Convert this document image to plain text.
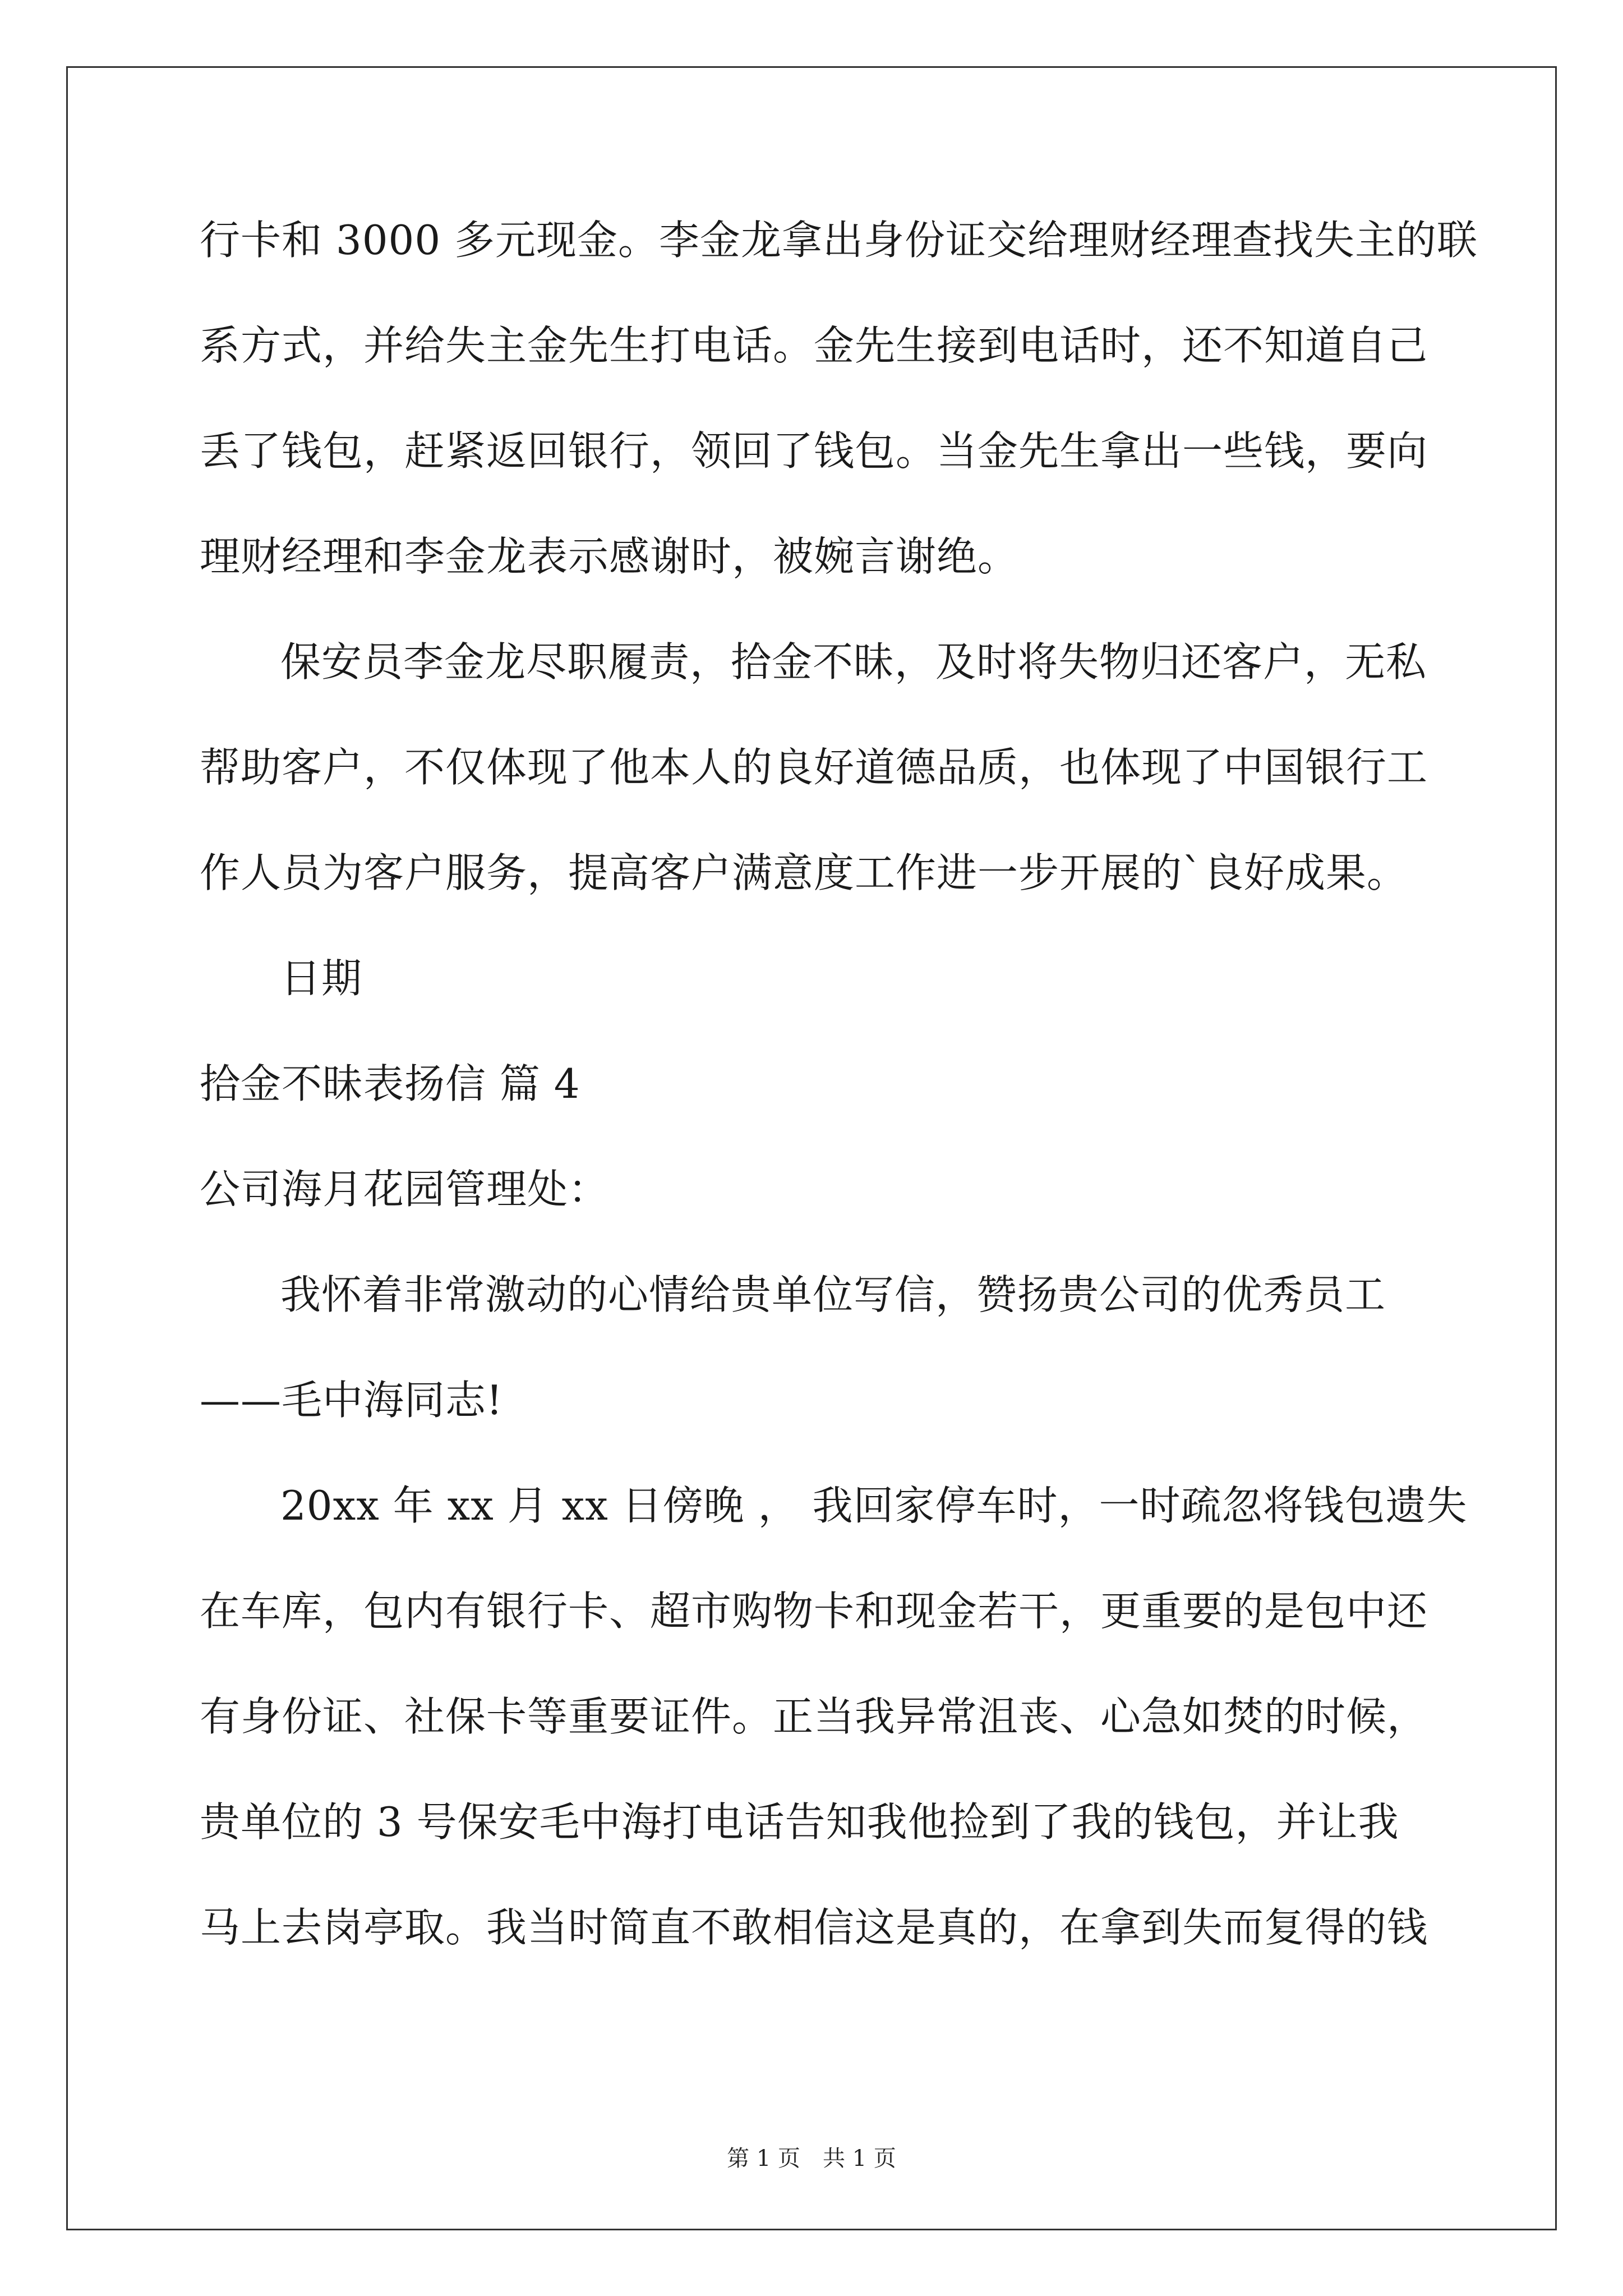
行卡和 3000 多元现金。李金龙拿出身份证交给理财经理查找失主的联
系方式，并给失主金先生打电话。金先生接到电话时，还不知道自己
丢了钱包，赶紧返回银行，领回了钱包。当金先生拿出一些钱，要向
理财经理和李金龙表示感谢时，被婉言谢绝。
保安员李金龙尽职履责，拾金不昧，及时将失物归还客户，无私
帮助客户，不仅体现了他本人的良好道德品质，也体现了中国银行工
作人员为客户服务，提高客户满意度工作进一步开展的`良好成果。
日期
拾金不昧表扬信 篇 4
公司海月花园管理处：
我怀着非常激动的心情给贵单位写信，赞扬贵公司的优秀员工
——毛中海同志!
20xx 年 xx 月 xx 日傍晚 ， 我回家停车时，一时疏忽将钱包遗失
在车库，包内有银行卡、超市购物卡和现金若干，更重要的是包中还
有身份证、社保卡等重要证件。正当我异常沮丧、心急如焚的时候，
贵单位的 3 号保安毛中海打电话告知我他捡到了我的钱包，并让我
马上去岗亭取。我当时简直不敢相信这是真的，在拿到失而复得的钱
第 1 页　共 1 页
